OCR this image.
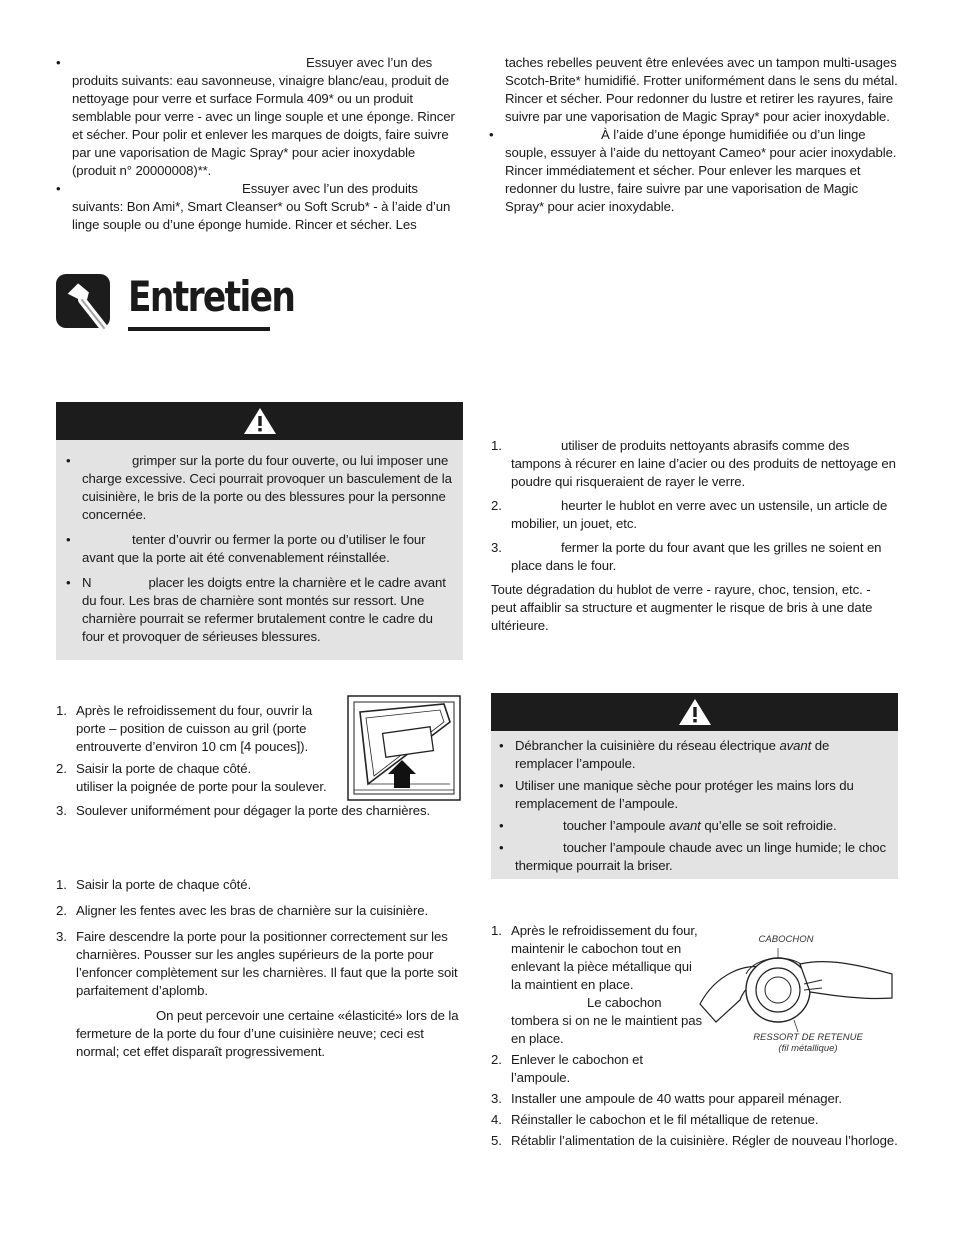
•	Essuyer avec l’un des produits suivants: eau savonneuse, vinaigre blanc/eau, produit de nettoyage pour verre et surface Formula 409* ou un produit semblable pour verre - avec un linge souple et une éponge. Rincer et sécher. Pour polir et enlever les marques de doigts, faire suivre par une vaporisation de Magic Spray* pour acier inoxydable (produit n° 20000008)**.

•	Essuyer avec l’un des produits suivants: Bon Ami*, Smart Cleanser* ou Soft Scrub* - à l’aide d’un linge souple ou d’une éponge humide. Rincer et sécher. Les

taches rebelles peuvent être enlevées avec un tampon multi-usages Scotch-Brite* humidifié. Frotter uniformément dans le sens du métal. Rincer et sécher. Pour redonner du lustre et retirer les rayures, faire suivre par une vaporisation de Magic Spray* pour acier inoxydable.

•	À l’aide d’une éponge humidifiée ou d’un linge souple, essuyer à l’aide du nettoyant Cameo* pour acier inoxydable. Rincer immédiatement et sécher. Pour enlever les marques et redonner du lustre, faire suivre par une vaporisation de Magic Spray* pour acier inoxydable.

Entretien
•	grimper sur la porte du four ouverte, ou lui imposer une charge excessive. Ceci pourrait provoquer un basculement de la cuisinière, le bris de la porte ou des blessures pour la personne concernée.

•	tenter d’ouvrir ou fermer la porte ou d’utiliser le four avant que la porte ait été convenablement réinstallée.

• N	placer les doigts entre la charnière et le cadre avant du four. Les bras de charnière sont montés sur ressort. Une charnière pourrait se refermer brutalement contre le cadre du four et provoquer de sérieuses blessures.

1.	utiliser de produits nettoyants abrasifs comme des tampons à récurer en laine d’acier ou des produits de nettoyage en poudre qui risqueraient de rayer le verre.

2.	heurter le hublot en verre avec un ustensile, un article de mobilier, un jouet, etc.

3.	fermer la porte du four avant que les grilles ne soient en place dans le four.

Toute dégradation du hublot de verre - rayure, choc, tension, etc. - peut affaiblir sa structure et augmenter le risque de bris à une date ultérieure.

1. Après le refroidissement du four, ouvrir la porte – position de cuisson au gril (porte entrouverte d’environ 10 cm [4 pouces]).

2. Saisir la porte de chaque côté.

utiliser la poignée de porte pour la soulever.

3. Soulever uniformément pour dégager la porte des charnières.

1. Saisir la porte de chaque côté.

2. Aligner les fentes avec les bras de charnière sur la cuisinière.

3. Faire descendre la porte pour la positionner correctement sur les charnières. Pousser sur les angles supérieurs de la porte pour l’enfoncer complètement sur les charnières. Il faut que la porte soit parfaitement d’aplomb.

On peut percevoir une certaine «élasticité» lors de la fermeture de la porte du four d’une cuisinière neuve; ceci est normal; cet effet disparaît progressivement.

• Débrancher la cuisinière du réseau électrique avant de remplacer l’ampoule.

• Utiliser une manique sèche pour protéger les mains lors du remplacement de l’ampoule.

•	toucher l’ampoule avant qu’elle se soit refroidie.

•	toucher l’ampoule chaude avec un linge humide; le choc thermique pourrait la briser.

1. Après le refroidissement du four, maintenir le cabochon tout en enlevant la pièce métallique qui la maintient en place.

Le cabochon tombera si on ne le maintient pas en place.

2. Enlever le cabochon et l’ampoule.

3. Installer une ampoule de 40 watts pour appareil ménager.

4. Réinstaller le cabochon et le fil métallique de retenue.

5. Rétablir l’alimentation de la cuisinière. Régler de nouveau l’horloge.

CABOCHON
RESSORT DE RETENUE
(fil métallique)
